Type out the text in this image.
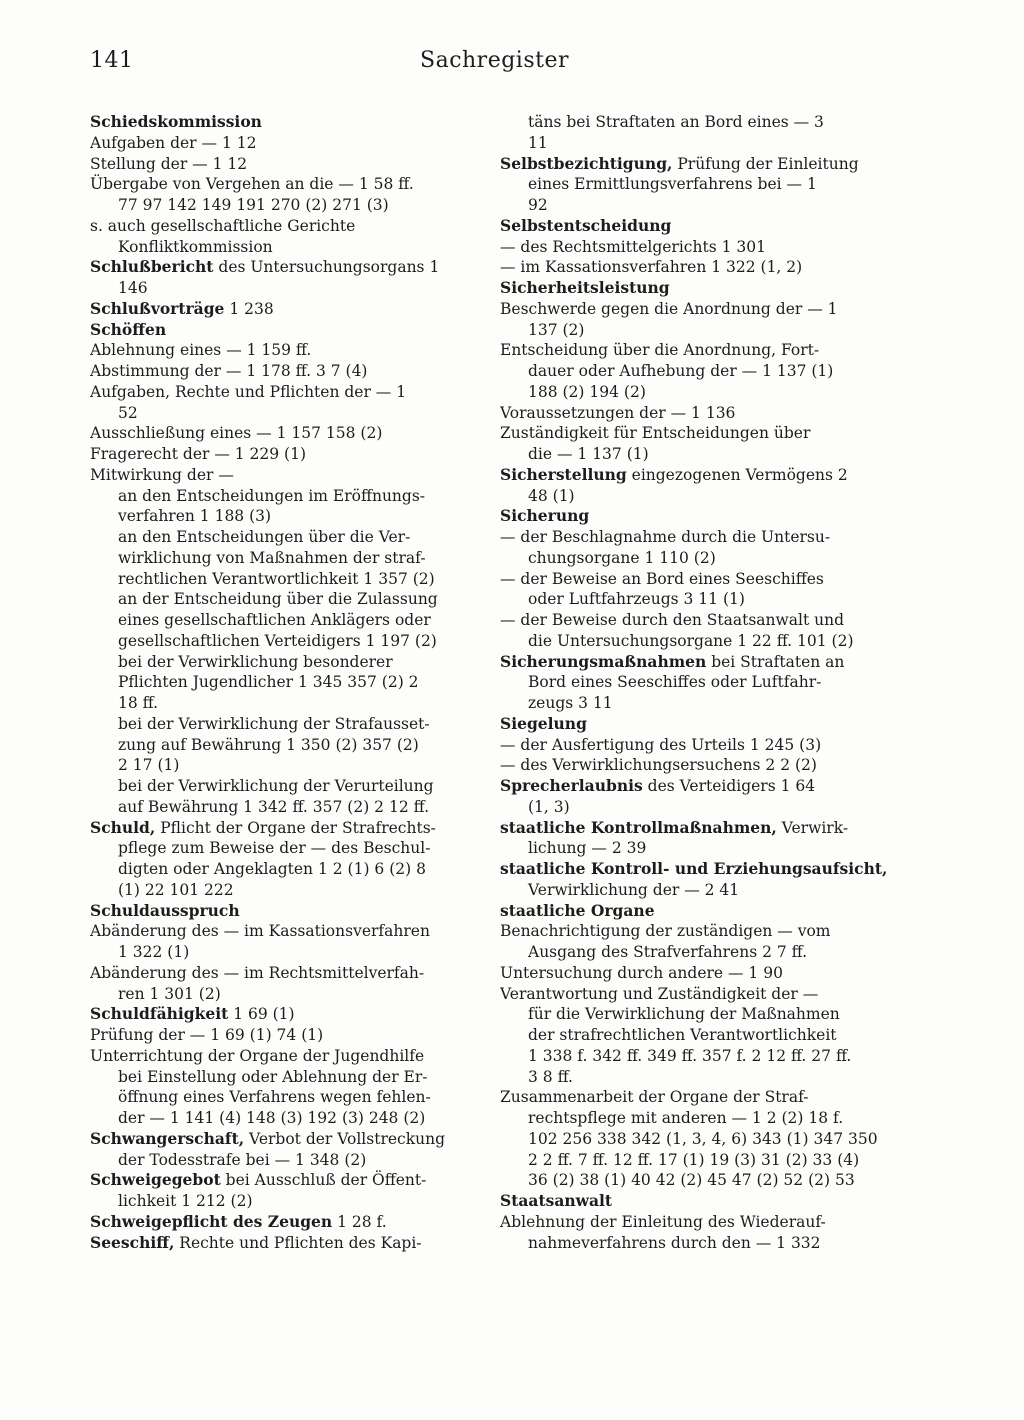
141	Sachregister
Schiedskommission
Aufgaben der — 1 12
Stellung der — 1 12
Übergabe von Vergehen an die — 1 58 ff.
77 97 142 149 191 270 (2) 271 (3)
s. auch gesellschaftliche Gerichte
Konfliktkommission
Schlußbericht des Untersuchungsorgans 1
146
Schlußvorträge 1 238
Schöffen
Ablehnung eines — 1 159 ff.
Abstimmung der — 1 178 ff. 3 7 (4)
Aufgaben, Rechte und Pflichten der — 1
52
Ausschließung eines — 1 157 158 (2)
Fragerecht der — 1 229 (1)
Mitwirkung der —
an den Entscheidungen im Eröffnungs-
verfahren 1 188 (3)
an den Entscheidungen über die Ver-
wirklichung von Maßnahmen der straf-
rechtlichen Verantwortlichkeit 1 357 (2)
an der Entscheidung über die Zulassung
eines gesellschaftlichen Anklägers oder
gesellschaftlichen Verteidigers 1 197 (2)
bei der Verwirklichung besonderer
Pflichten Jugendlicher 1 345 357 (2) 2
18 ff.
bei der Verwirklichung der Strafausset-
zung auf Bewährung 1 350 (2) 357 (2)
2 17 (1)
bei der Verwirklichung der Verurteilung
auf Bewährung 1 342 ff. 357 (2) 2 12 ff.
Schuld, Pflicht der Organe der Strafrechts-
pflege zum Beweise der — des Beschul-
digten oder Angeklagten 1 2 (1) 6 (2) 8
(1) 22 101 222
Schuldausspruch
Abänderung des — im Kassationsverfahren
1 322 (1)
Abänderung des — im Rechtsmittelverfah-
ren 1 301 (2)
Schuldfähigkeit 1 69 (1)
Prüfung der — 1 69 (1) 74 (1)
Unterrichtung der Organe der Jugendhilfe
bei Einstellung oder Ablehnung der Er-
öffnung eines Verfahrens wegen fehlen-
der — 1 141 (4) 148 (3) 192 (3) 248 (2)
Schwangerschaft, Verbot der Vollstreckung
der Todesstrafe bei — 1 348 (2)
Schweigegebot bei Ausschluß der Öffent-
lichkeit 1 212 (2)
Schweigepflicht des Zeugen 1 28 f.
Seeschiff, Rechte und Pflichten des Kapi-
täns bei Straftaten an Bord eines — 3
11
Selbstbezichtigung, Prüfung der Einleitung
eines Ermittlungsverfahrens bei — 1
92
Selbstentscheidung
— des Rechtsmittelgerichts 1 301
— im Kassationsverfahren 1 322 (1, 2)
Sicherheitsleistung
Beschwerde gegen die Anordnung der — 1
137 (2)
Entscheidung über die Anordnung, Fort-
dauer oder Aufhebung der — 1 137 (1)
188 (2) 194 (2)
Voraussetzungen der — 1 136
Zuständigkeit für Entscheidungen über
die — 1 137 (1)
Sicherstellung eingezogenen Vermögens 2
48 (1)
Sicherung
— der Beschlagnahme durch die Untersu-
chungsorgane 1 110 (2)
— der Beweise an Bord eines Seeschiffes
oder Luftfahrzeugs 3 11 (1)
— der Beweise durch den Staatsanwalt und
die Untersuchungsorgane 1 22 ff. 101 (2)
Sicherungsmaßnahmen bei Straftaten an
Bord eines Seeschiffes oder Luftfahr-
zeugs 3 11
Siegelung
— der Ausfertigung des Urteils 1 245 (3)
— des Verwirklichungsersuchens 2 2 (2)
Sprecherlaubnis des Verteidigers 1 64
(1, 3)
staatliche Kontrollmaßnahmen, Verwirk-
lichung — 2 39
staatliche Kontroll- und Erziehungsaufsicht,
Verwirklichung der — 2 41
staatliche Organe
Benachrichtigung der zuständigen — vom
Ausgang des Strafverfahrens 2 7 ff.
Untersuchung durch andere — 1 90
Verantwortung und Zuständigkeit der —
für die Verwirklichung der Maßnahmen
der strafrechtlichen Verantwortlichkeit
1 338 f. 342 ff. 349 ff. 357 f. 2 12 ff. 27 ff.
3 8 ff.
Zusammenarbeit der Organe der Straf-
rechtspflege mit anderen — 1 2 (2) 18 f.
102 256 338 342 (1, 3, 4, 6) 343 (1) 347 350
2 2 ff. 7 ff. 12 ff. 17 (1) 19 (3) 31 (2) 33 (4)
36 (2) 38 (1) 40 42 (2) 45 47 (2) 52 (2) 53
Staatsanwalt
Ablehnung der Einleitung des Wiederauf-
nahmeverfahrens durch den — 1 332
